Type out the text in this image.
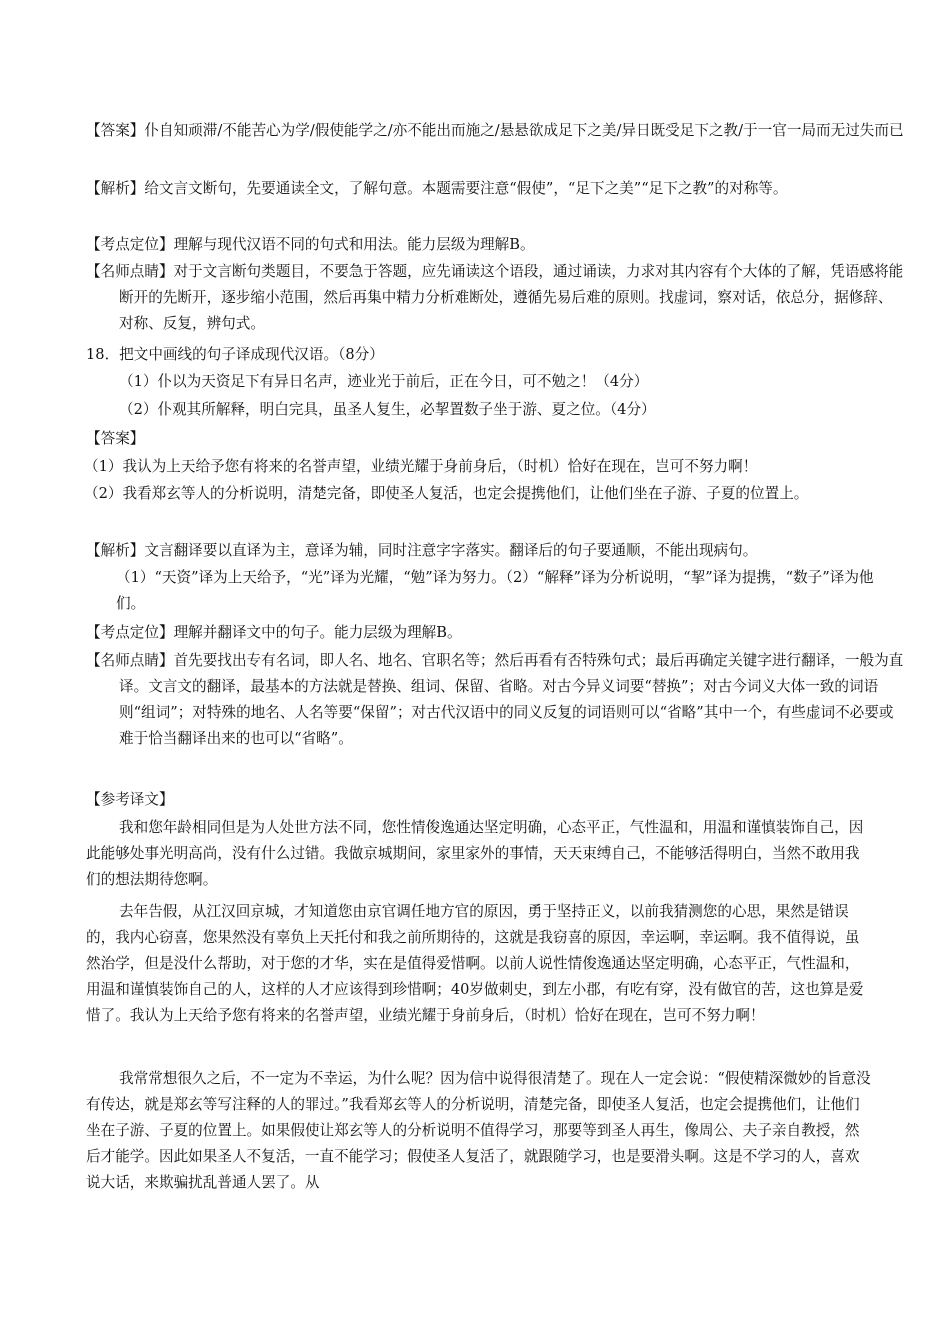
【答案】仆自知顽滞/不能苦心为学/假使能学之/亦不能出而施之/悬悬欲成足下之美/异日既受足下之教/于一官一局而无过失而已

【解析】给文言文断句，先要通读全文，了解句意。本题需要注意“假使”，“足下之美”“足下之教”的对称等。

【考点定位】理解与现代汉语不同的句式和用法。能力层级为理解B。

【名师点睛】对于文言断句类题目，不要急于答题，应先诵读这个语段，通过诵读，力求对其内容有个大体的了解，凭语感将能断开的先断开，逐步缩小范围，然后再集中精力分析难断处，遵循先易后难的原则。找虚词，察对话，依总分，据修辞、对称、反复，辨句式。

18．把文中画线的句子译成现代汉语。（8分）

（1）仆以为天资足下有异日名声，迹业光于前后，正在今日，可不勉之！（4分）

（2）仆观其所解释，明白完具，虽圣人复生，必挈置数子坐于游、夏之位。（4分）

【答案】

（1）我认为上天给予您有将来的名誉声望，业绩光耀于身前身后，（时机）恰好在现在，岂可不努力啊！

（2）我看郑玄等人的分析说明，清楚完备，即使圣人复活，也定会提携他们，让他们坐在子游、子夏的位置上。

【解析】文言翻译要以直译为主，意译为辅，同时注意字字落实。翻译后的句子要通顺，不能出现病句。

（1）“天资”译为上天给予，“光”译为光耀，“勉”译为努力。（2）“解释”译为分析说明，“挈”译为提携，“数子”译为他们。

【考点定位】理解并翻译文中的句子。能力层级为理解B。

【名师点睛】首先要找出专有名词，即人名、地名、官职名等；然后再看有否特殊句式；最后再确定关键字进行翻译，一般为直译。文言文的翻译，最基本的方法就是替换、组词、保留、省略。对古今异义词要“替换”；对古今词义大体一致的词语则“组词”；对特殊的地名、人名等要“保留”；对古代汉语中的同义反复的词语则可以“省略”其中一个，有些虚词不必要或难于恰当翻译出来的也可以“省略”。

【参考译文】

我和您年龄相同但是为人处世方法不同，您性情俊逸通达坚定明确，心态平正，气性温和，用温和谨慎装饰自己，因此能够处事光明高尚，没有什么过错。我做京城期间，家里家外的事情，天天束缚自己，不能够活得明白，当然不敢用我们的想法期待您啊。

去年告假，从江汉回京城，才知道您由京官调任地方官的原因，勇于坚持正义，以前我猜测您的心思，果然是错误的，我内心窃喜，您果然没有辜负上天托付和我之前所期待的，这就是我窃喜的原因，幸运啊，幸运啊。我不值得说，虽然治学，但是没什么帮助，对于您的才华，实在是值得爱惜啊。以前人说性情俊逸通达坚定明确，心态平正，气性温和，用温和谨慎装饰自己的人，这样的人才应该得到珍惜啊；40岁做刺史，到左小郡，有吃有穿，没有做官的苦，这也算是爱惜了。我认为上天给予您有将来的名誉声望，业绩光耀于身前身后，（时机）恰好在现在，岂可不努力啊！

我常常想很久之后，不一定为不幸运，为什么呢？因为信中说得很清楚了。现在人一定会说：“假使精深微妙的旨意没有传达，就是郑玄等写注释的人的罪过。”我看郑玄等人的分析说明，清楚完备，即使圣人复活，也定会提携他们，让他们坐在子游、子夏的位置上。如果假使让郑玄等人的分析说明不值得学习，那要等到圣人再生，像周公、夫子亲自教授，然后才能学。因此如果圣人不复活，一直不能学习；假使圣人复活了，就跟随学习，也是要滑头啊。这是不学习的人，喜欢说大话，来欺骗扰乱普通人罢了。从
